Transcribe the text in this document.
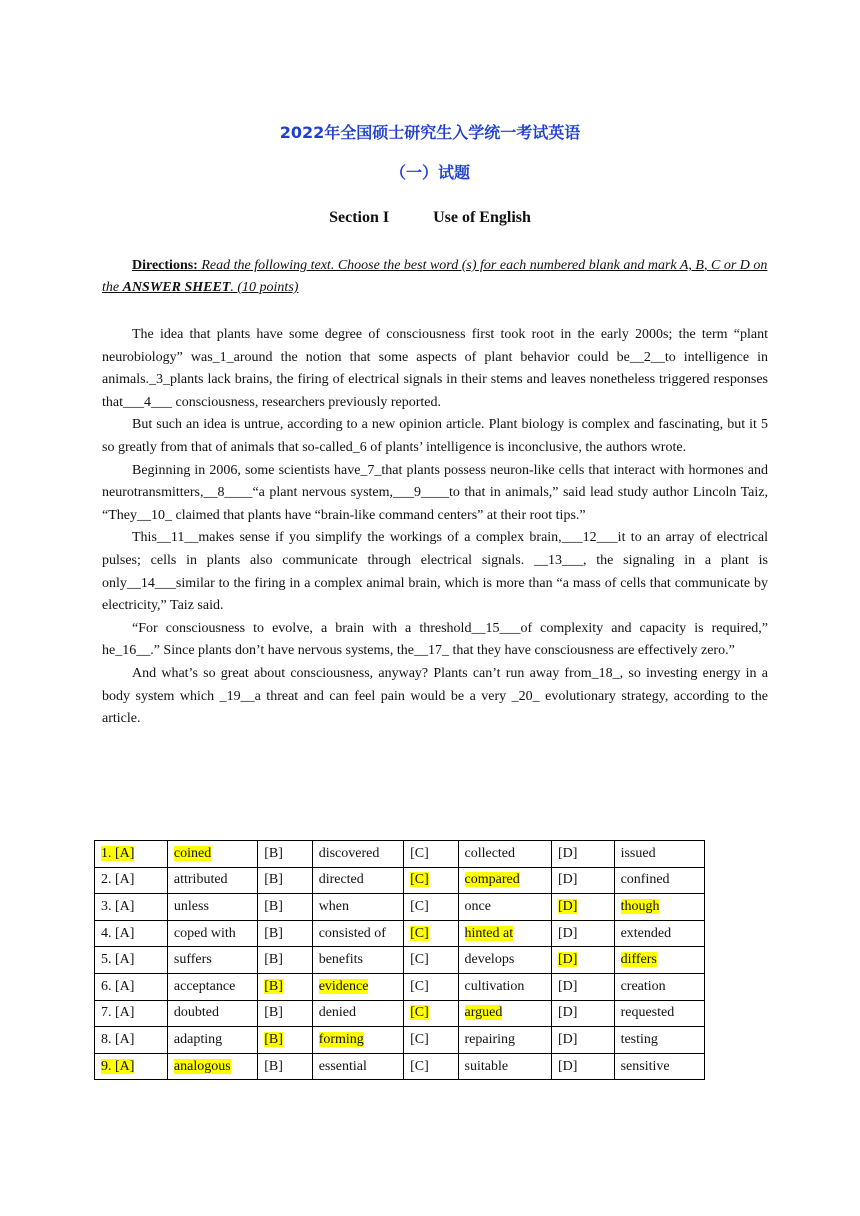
2022年全国硕士研究生入学统一考试英语
（一）试题
Section I	Use of English
Directions: Read the following text. Choose the best word (s) for each numbered blank and mark A, B, C or D on the ANSWER SHEET. (10 points)

The idea that plants have some degree of consciousness first took root in the early 2000s; the term “plant neurobiology” was_1_around the notion that some aspects of plant behavior could be__2__to intelligence in animals._3_plants lack brains, the firing of electrical signals in their stems and leaves nonetheless triggered responses that___4___ consciousness, researchers previously reported.

But such an idea is untrue, according to a new opinion article. Plant biology is complex and fascinating, but it 5 so greatly from that of animals that so-called_6 of plants’ intelligence is inconclusive, the authors wrote.

Beginning in 2006, some scientists have_7_that plants possess neuron-like cells that interact with hormones and neurotransmitters,__8____“a plant nervous system,___9____to that in animals,” said lead study author Lincoln Taiz, “They__10_ claimed that plants have “brain-like command centers” at their root tips.”

This__11__makes sense if you simplify the workings of a complex brain,___12___it to an array of electrical pulses; cells in plants also communicate through electrical signals. __13___, the signaling in a plant is only__14___similar to the firing in a complex animal brain, which is more than “a mass of cells that communicate by electricity,” Taiz said.

“For consciousness to evolve, a brain with a threshold__15___of complexity and capacity is required,” he_16__.” Since plants don’t have nervous systems, the__17_ that they have consciousness are effectively zero.”

And what’s so great about consciousness, anyway? Plants can’t run away from_18_, so investing energy in a body system which _19__a threat and can feel pain would be a very _20_ evolutionary strategy, according to the article.

1. [A]	coined	[B]	discovered	[C]	collected	[D]	issued
2. [A]	attributed	[B]	directed	[C]	compared	[D]	confined
3. [A]	unless	[B]	when	[C]	once	[D]	though
4. [A]	coped with	[B]	consisted of	[C]	hinted at	[D]	extended
5. [A]	suffers	[B]	benefits	[C]	develops	[D]	differs
6. [A]	acceptance	[B]	evidence	[C]	cultivation	[D]	creation
7. [A]	doubted	[B]	denied	[C]	argued	[D]	requested
8. [A]	adapting	[B]	forming	[C]	repairing	[D]	testing
9. [A]	analogous	[B]	essential	[C]	suitable	[D]	sensitive
